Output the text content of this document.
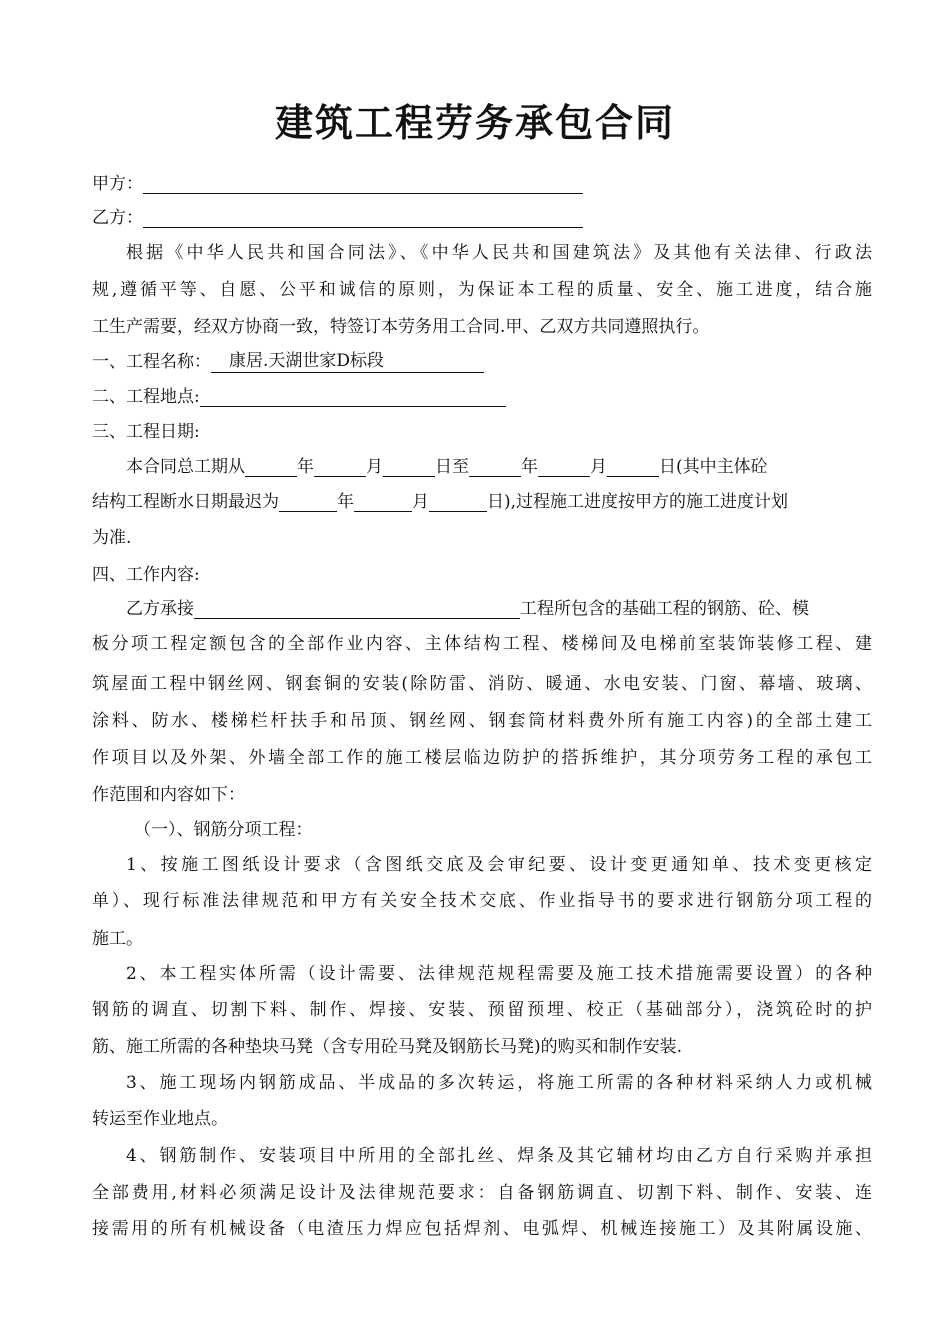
建筑工程劳务承包合同
甲方：
乙方：
根据《中华人民共和国合同法》、《中华人民共和国建筑法》及其他有关法律、行政法
规,遵循平等、自愿、公平和诚信的原则，为保证本工程的质量、安全、施工进度，结合施
工生产需要，经双方协商一致，特签订本劳务用工合同.甲、乙双方共同遵照执行。
一、工程名称： 康居.天湖世家D标段
二、工程地点:
三、工程日期:
本合同总工期从	年	月	日至	年	月	日(其中主体砼
结构工程断水日期最迟为	年	月	日),过程施工进度按甲方的施工进度计划
为准.
四、工作内容:
乙方承接	工程所包含的基础工程的钢筋、砼、模
板分项工程定额包含的全部作业内容、主体结构工程、楼梯间及电梯前室装饰装修工程、建
筑屋面工程中钢丝网、钢套铜的安装(除防雷、消防、暖通、水电安装、门窗、幕墙、玻璃、
涂料、防水、楼梯栏杆扶手和吊顶、钢丝网、钢套筒材料费外所有施工内容)的全部土建工
作项目以及外架、外墙全部工作的施工楼层临边防护的搭拆维护，其分项劳务工程的承包工
作范围和内容如下：
（一）、钢筋分项工程：
1、按施工图纸设计要求（含图纸交底及会审纪要、设计变更通知单、技术变更核定
单）、现行标准法律规范和甲方有关安全技术交底、作业指导书的要求进行钢筋分项工程的
施工。
2、本工程实体所需（设计需要、法律规范规程需要及施工技术措施需要设置）的各种
钢筋的调直、切割下料、制作、焊接、安装、预留预埋、校正（基础部分），浇筑砼时的护
筋、施工所需的各种垫块马凳（含专用砼马凳及钢筋长马凳)的购买和制作安装.
3、施工现场内钢筋成品、半成品的多次转运，将施工所需的各种材料采纳人力或机械
转运至作业地点。
4、钢筋制作、安装项目中所用的全部扎丝、焊条及其它辅材均由乙方自行采购并承担
全部费用,材料必须满足设计及法律规范要求：自备钢筋调直、切割下料、制作、安装、连
接需用的所有机械设备（电渣压力焊应包括焊剂、电弧焊、机械连接施工）及其附属设施、
